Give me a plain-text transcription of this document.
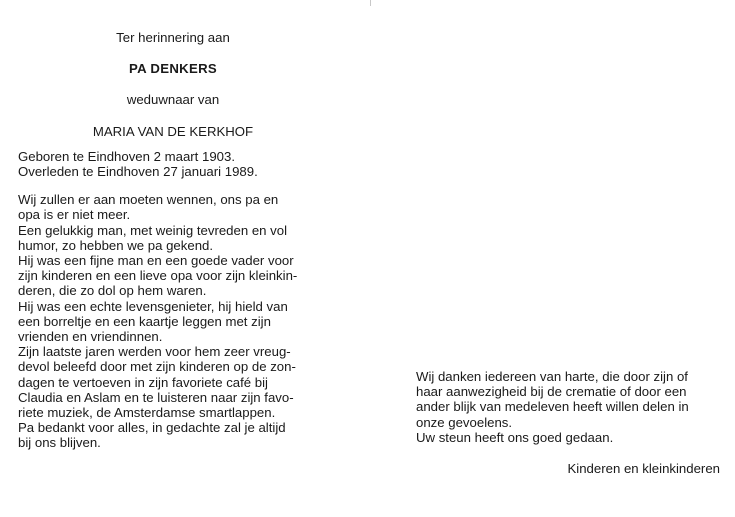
Ter herinnering aan
PA DENKERS
weduwnaar van
MARIA VAN DE KERKHOF
Geboren te Eindhoven 2 maart 1903.
Overleden te Eindhoven 27 januari 1989.
Wij zullen er aan moeten wennen, ons pa en
opa is er niet meer.
Een gelukkig man, met weinig tevreden en vol
humor, zo hebben we pa gekend.
Hij was een fijne man en een goede vader voor
zijn kinderen en een lieve opa voor zijn kleinkin-
deren, die zo dol op hem waren.
Hij was een echte levensgenieter, hij hield van
een borreltje en een kaartje leggen met zijn
vrienden en vriendinnen.
Zijn laatste jaren werden voor hem zeer vreug-
devol beleefd door met zijn kinderen op de zon-
dagen te vertoeven in zijn favoriete café bij
Claudia en Aslam en te luisteren naar zijn favo-
riete muziek, de Amsterdamse smartlappen.
Pa bedankt voor alles, in gedachte zal je altijd
bij ons blijven.
Wij danken iedereen van harte, die door zijn of
haar aanwezigheid bij de crematie of door een
ander blijk van medeleven heeft willen delen in
onze gevoelens.
Uw steun heeft ons goed gedaan.

Kinderen en kleinkinderen
